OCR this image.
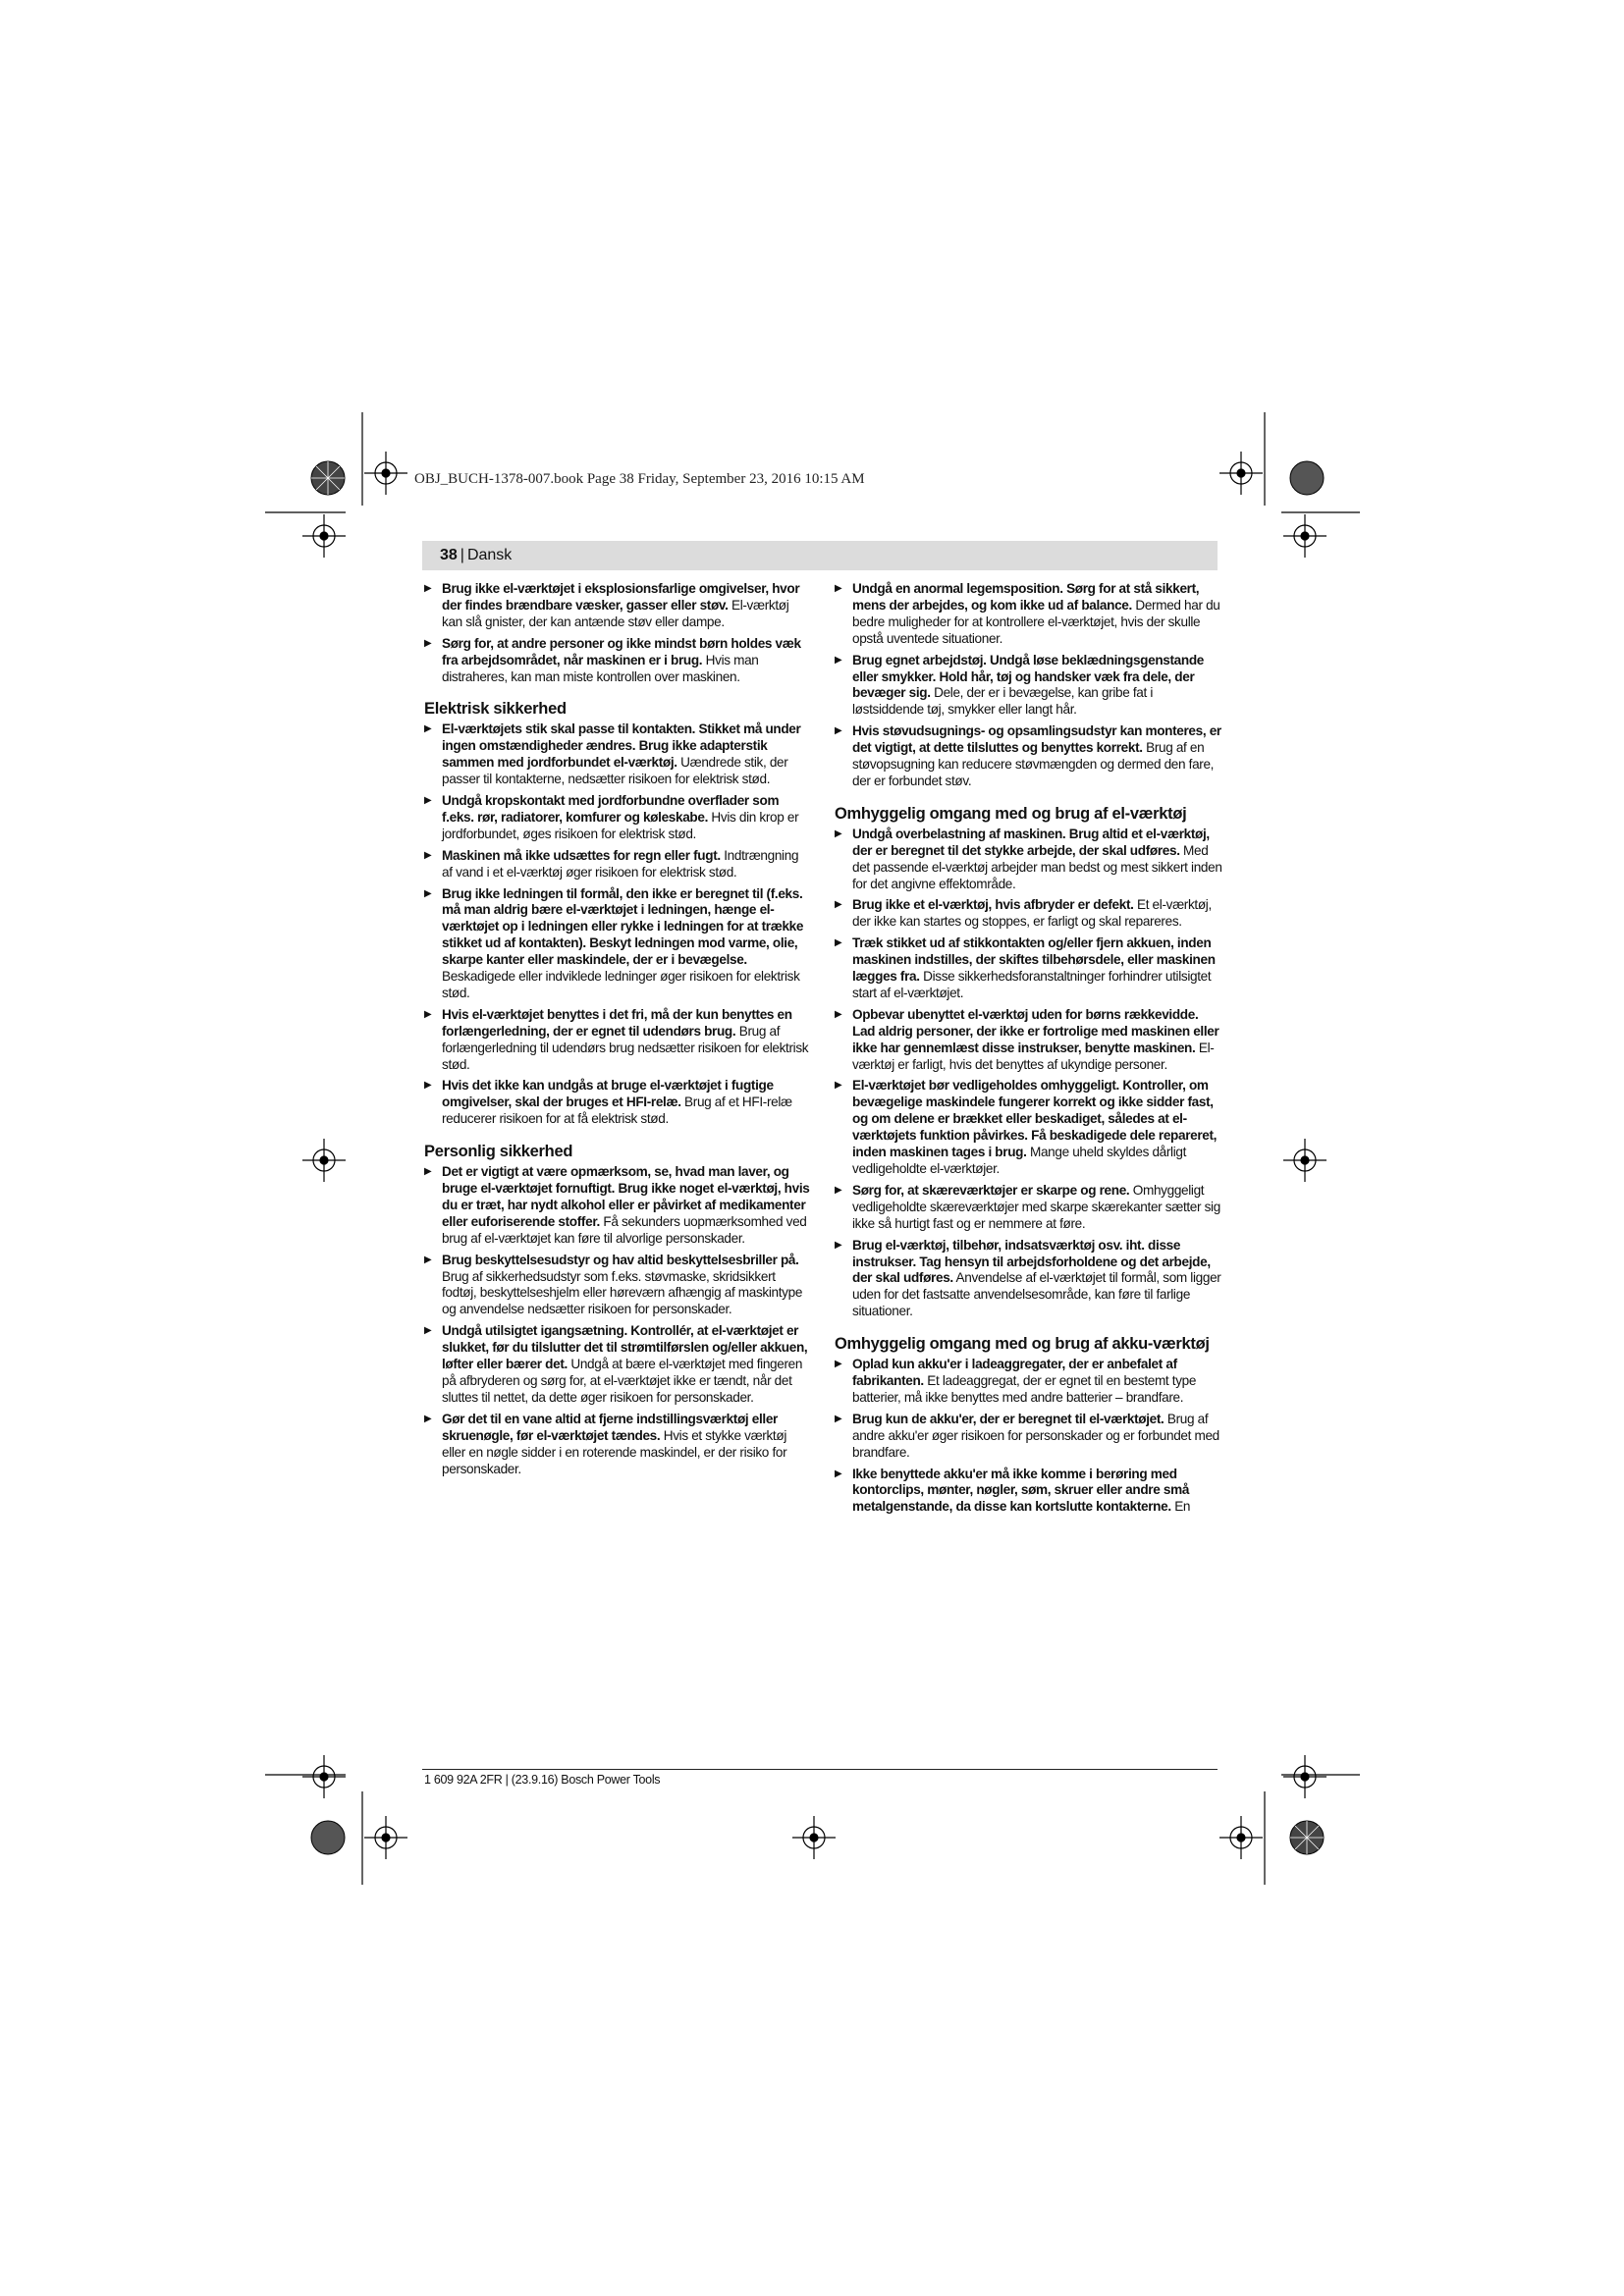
OBJ_BUCH-1378-007.book Page 38 Friday, September 23, 2016 10:15 AM
38 | Dansk
▶ Brug ikke el-værktøjet i eksplosionsfarlige omgivelser, hvor der findes brændbare væsker, gasser eller støv. El-værktøj kan slå gnister, der kan antænde støv eller dampe.
▶ Sørg for, at andre personer og ikke mindst børn holdes væk fra arbejdsområdet, når maskinen er i brug. Hvis man distraheres, kan man miste kontrollen over maskinen.
Elektrisk sikkerhed
▶ El-værktøjets stik skal passe til kontakten. Stikket må under ingen omstændigheder ændres. Brug ikke adapterstik sammen med jordforbundet el-værktøj. Uændrede stik, der passer til kontakterne, nedsætter risikoen for elektrisk stød.
▶ Undgå kropskontakt med jordforbundne overflader som f.eks. rør, radiatorer, komfurer og køleskabe. Hvis din krop er jordforbundet, øges risikoen for elektrisk stød.
▶ Maskinen må ikke udsættes for regn eller fugt. Indtrængning af vand i et el-værktøj øger risikoen for elektrisk stød.
▶ Brug ikke ledningen til formål, den ikke er beregnet til (f.eks. må man aldrig bære el-værktøjet i ledningen, hænge el-værktøjet op i ledningen eller rykke i ledningen for at trække stikket ud af kontakten). Beskyt ledningen mod varme, olie, skarpe kanter eller maskindele, der er i bevægelse. Beskadigede eller indviklede ledninger øger risikoen for elektrisk stød.
▶ Hvis el-værktøjet benyttes i det fri, må der kun benyttes en forlængerledning, der er egnet til udendørs brug. Brug af forlængerledning til udendørs brug nedsætter risikoen for elektrisk stød.
▶ Hvis det ikke kan undgås at bruge el-værktøjet i fugtige omgivelser, skal der bruges et HFI-relæ. Brug af et HFI-relæ reducerer risikoen for at få elektrisk stød.
Personlig sikkerhed
▶ Det er vigtigt at være opmærksom, se, hvad man laver, og bruge el-værktøjet fornuftigt. Brug ikke noget el-værktøj, hvis du er træt, har nydt alkohol eller er påvirket af medikamenter eller euforiserende stoffer. Få sekunders uopmærksomhed ved brug af el-værktøjet kan føre til alvorlige personskader.
▶ Brug beskyttelsesudstyr og hav altid beskyttelsesbriller på. Brug af sikkerhedsudstyr som f.eks. støvmaske, skridsikkert fodtøj, beskyttelseshjelm eller høreværn afhængig af maskintype og anvendelse nedsætter risikoen for personskader.
▶ Undgå utilsigtet igangsætning. Kontrollér, at el-værktøjet er slukket, før du tilslutter det til strømtilførslen og/eller akkuen, løfter eller bærer det. Undgå at bære el-værktøjet med fingeren på afbryderen og sørg for, at el-værktøjet ikke er tændt, når det sluttes til nettet, da dette øger risikoen for personskader.
▶ Gør det til en vane altid at fjerne indstillingsværktøj eller skruenøgle, før el-værktøjet tændes. Hvis et stykke værktøj eller en nøgle sidder i en roterende maskindel, er der risiko for personskader.
▶ Undgå en anormal legemsposition. Sørg for at stå sikkert, mens der arbejdes, og kom ikke ud af balance. Dermed har du bedre muligheder for at kontrollere el-værktøjet, hvis der skulle opstå uventede situationer.
▶ Brug egnet arbejdstøj. Undgå løse beklædningsgenstande eller smykker. Hold hår, tøj og handsker væk fra dele, der bevæger sig. Dele, der er i bevægelse, kan gribe fat i løstsiddende tøj, smykker eller langt hår.
▶ Hvis støvudsugnings- og opsamlingsudstyr kan monteres, er det vigtigt, at dette tilsluttes og benyttes korrekt. Brug af en støvopsugning kan reducere støvmængden og dermed den fare, der er forbundet støv.
Omhyggelig omgang med og brug af el-værktøj
▶ Undgå overbelastning af maskinen. Brug altid et el-værktøj, der er beregnet til det stykke arbejde, der skal udføres. Med det passende el-værktøj arbejder man bedst og mest sikkert inden for det angivne effektområde.
▶ Brug ikke et el-værktøj, hvis afbryder er defekt. Et el-værktøj, der ikke kan startes og stoppes, er farligt og skal repareres.
▶ Træk stikket ud af stikkontakten og/eller fjern akkuen, inden maskinen indstilles, der skiftes tilbehørsdele, eller maskinen lægges fra. Disse sikkerhedsforanstaltninger forhindrer utilsigtet start af el-værktøjet.
▶ Opbevar ubenyttet el-værktøj uden for børns rækkevidde. Lad aldrig personer, der ikke er fortrolige med maskinen eller ikke har gennemlæst disse instrukser, benytte maskinen. El-værktøj er farligt, hvis det benyttes af ukyndige personer.
▶ El-værktøjet bør vedligeholdes omhyggeligt. Kontroller, om bevægelige maskindele fungerer korrekt og ikke sidder fast, og om delene er brækket eller beskadiget, således at el-værktøjets funktion påvirkes. Få beskadigede dele repareret, inden maskinen tages i brug. Mange uheld skyldes dårligt vedligeholdte el-værktøjer.
▶ Sørg for, at skæreværktøjer er skarpe og rene. Omhyggeligt vedligeholdte skæreværktøjer med skarpe skærekanter sætter sig ikke så hurtigt fast og er nemmere at føre.
▶ Brug el-værktøj, tilbehør, indsatsværktøj osv. iht. disse instrukser. Tag hensyn til arbejdsforholdene og det arbejde, der skal udføres. Anvendelse af el-værktøjet til formål, som ligger uden for det fastsatte anvendelsesområde, kan føre til farlige situationer.
Omhyggelig omgang med og brug af akku-værktøj
▶ Oplad kun akku'er i ladeaggregater, der er anbefalet af fabrikanten. Et ladeaggregat, der er egnet til en bestemt type batterier, må ikke benyttes med andre batterier – brandfare.
▶ Brug kun de akku'er, der er beregnet til el-værktøjet. Brug af andre akku'er øger risikoen for personskader og er forbundet med brandfare.
▶ Ikke benyttede akku'er må ikke komme i berøring med kontorclips, mønter, nøgler, søm, skruer eller andre små metalgenstande, da disse kan kortslutte kontakterne. En
1 609 92A 2FR | (23.9.16) Bosch Power Tools
